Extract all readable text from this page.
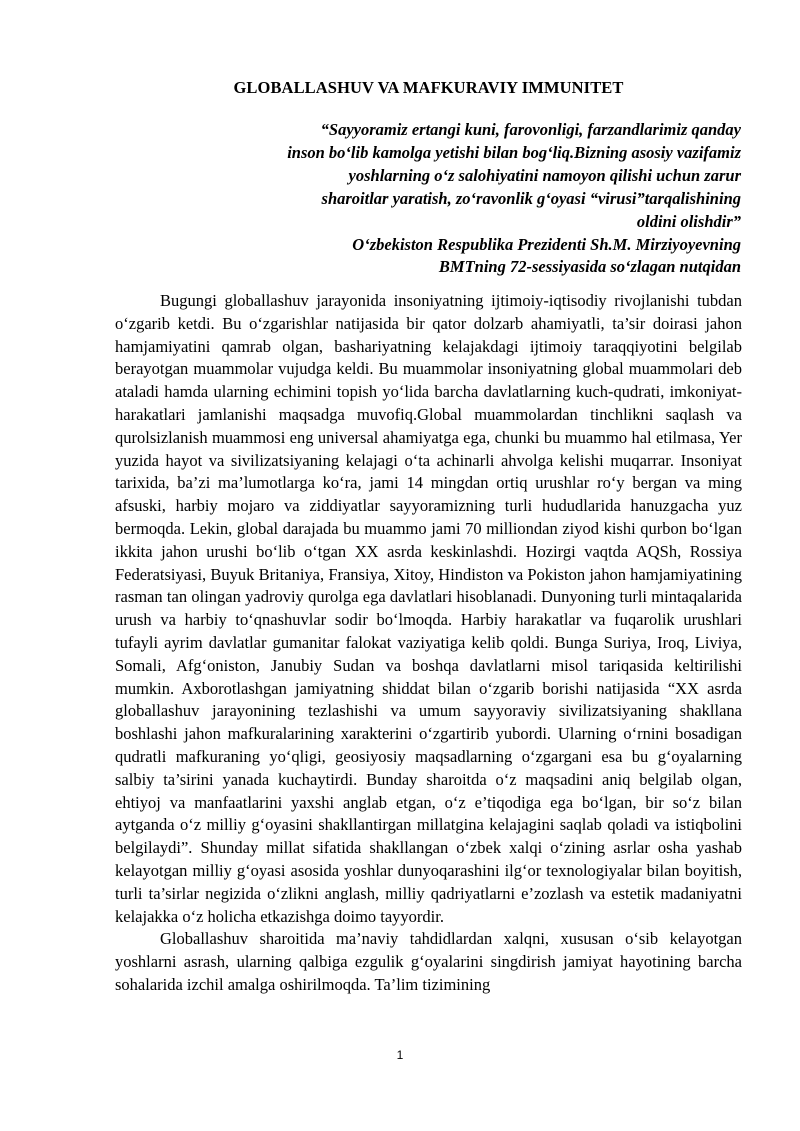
GLOBALLASHUV VA MAFKURAVIY IMMUNITET
“Sayyoramiz ertangi kuni, farovonligi, farzandlarimiz qanday
inson bo‘lib kamolga yetishi bilan bog‘liq.Bizning asosiy vazifamiz
yoshlarning o‘z salohiyatini namoyon qilishi uchun zarur
sharoitlar yaratish, zo‘ravonlik g‘oyasi “virusi”tarqalishining
oldini olishdir”
O‘zbekiston Respublika Prezidenti Sh.M. Mirziyoyevning
BMTning 72-sessiyasida so‘zlagan nutqidan

Bugungi globallashuv jarayonida insoniyatning ijtimoiy-iqtisodiy rivojlanishi tubdan o‘zgarib ketdi. Bu o‘zgarishlar natijasida bir qator dolzarb ahamiyatli, ta’sir doirasi jahon hamjamiyatini qamrab olgan, bashariyatning kelajakdagi ijtimoiy taraqqiyotini belgilab berayotgan muammolar vujudga keldi. Bu muammolar insoniyatning global muammolari deb ataladi hamda ularning echimini topish yo‘lida barcha davlatlarning kuch-qudrati, imkoniyat-harakatlari jamlanishi maqsadga muvofiq.Global muammolardan tinchlikni saqlash va qurolsizlanish muammosi eng universal ahamiyatga ega, chunki bu muammo hal etilmasa, Yer yuzida hayot va sivilizatsiyaning kelajagi o‘ta achinarli ahvolga kelishi muqarrar. Insoniyat tarixida, ba’zi ma’lumotlarga ko‘ra, jami 14 mingdan ortiq urushlar ro‘y bergan va ming afsuski, harbiy mojaro va ziddiyatlar sayyoramizning turli hududlarida hanuzgacha yuz bermoqda. Lekin, global darajada bu muammo jami 70 milliondan ziyod kishi qurbon bo‘lgan ikkita jahon urushi bo‘lib o‘tgan XX asrda keskinlashdi. Hozirgi vaqtda AQSh, Rossiya Federatsiyasi, Buyuk Britaniya, Fransiya, Xitoy, Hindiston va Pokiston jahon hamjamiyatining rasman tan olingan yadroviy qurolga ega davlatlari hisoblanadi. Dunyoning turli mintaqalarida urush va harbiy to‘qnashuvlar sodir bo‘lmoqda. Harbiy harakatlar va fuqarolik urushlari tufayli ayrim davlatlar gumanitar falokat vaziyatiga kelib qoldi. Bunga Suriya, Iroq, Liviya, Somali, Afg‘oniston, Janubiy Sudan va boshqa davlatlarni misol tariqasida keltirilishi mumkin. Axborotlashgan jamiyatning shiddat bilan o‘zgarib borishi natijasida “XX asrda globallashuv jarayonining tezlashishi va umum sayyoraviy sivilizatsiyaning shakllana boshlashi jahon mafkuralarining xarakterini o‘zgartirib yubordi. Ularning o‘rnini bosadigan qudratli mafkuraning yo‘qligi, geosiyosiy maqsadlarning o‘zgargani esa bu g‘oyalarning salbiy ta’sirini yanada kuchaytirdi. Bunday sharoitda o‘z maqsadini aniq belgilab olgan, ehtiyoj va manfaatlarini yaxshi anglab etgan, o‘z e’tiqodiga ega bo‘lgan, bir so‘z bilan aytganda o‘z milliy g‘oyasini shakllantirgan millatgina kelajagini saqlab qoladi va istiqbolini belgilaydi”. Shunday millat sifatida shakllangan o‘zbek xalqi o‘zining asrlar osha yashab kelayotgan milliy g‘oyasi asosida yoshlar dunyoqarashini ilg‘or texnologiyalar bilan boyitish, turli ta’sirlar negizida o‘zlikni anglash, milliy qadriyatlarni e’zozlash va estetik madaniyatni kelajakka o‘z holicha etkazishga doimo tayyordir.

Globallashuv sharoitida ma’naviy tahdidlardan xalqni, xususan o‘sib kelayotgan yoshlarni asrash, ularning qalbiga ezgulik g‘oyalarini singdirish jamiyat hayotining barcha sohalarida izchil amalga oshirilmoqda. Ta’lim tizimining

1
